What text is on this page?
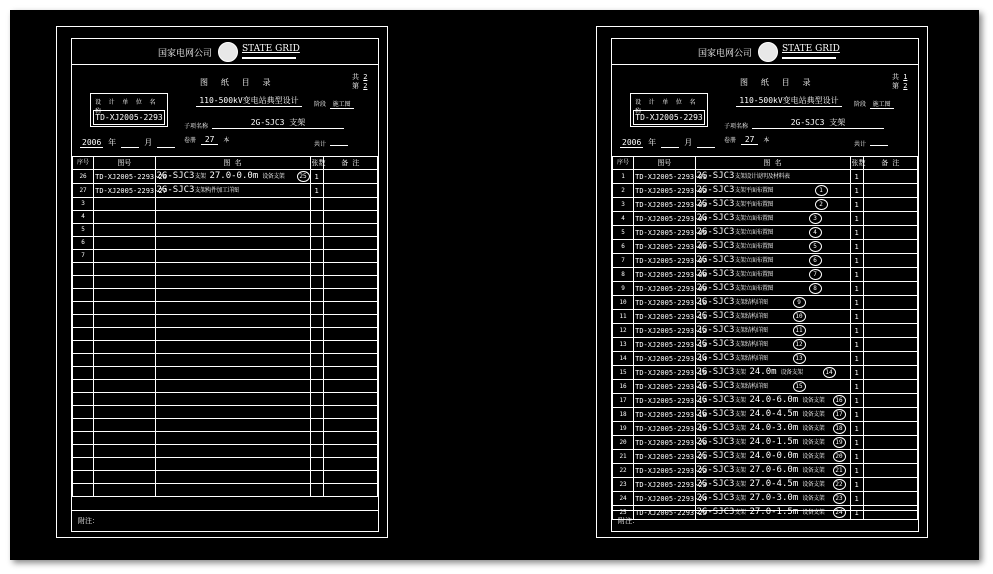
国家电网公司	STATE GRID
图 纸 目 录
共 2
第 2
110-500kV变电站典型设计	阶段 施工图
设 计 单 位 名 称
TD-XJ2005-2293
子项名称	2G-SJC3 支架
2006 年	月	卷册 27 本
共计
序号	图号	图 名	张数	备 注
26	TD-XJ2005-2293-26	2G-SJC3支架 27.0-0.0m 设备支架 25	1	
27	TD-XJ2005-2293-27	2G-SJC3支架构件加工详图	1	
3		

4		

5		

6		

7		

附注：
国家电网公司	STATE GRID
图 纸 目 录
共 1
第 2
110-500kV变电站典型设计	阶段 施工图
设 计 单 位 名 称
TD-XJ2005-2293
子项名称	2G-SJC3 支架
2006 年	月	卷册 27 本
共计
序号	图号	图 名	张数	备 注
1	TD-XJ2005-2293-01	2G-SJC3支架设计说明及材料表	1	
2	TD-XJ2005-2293-02	2G-SJC3支架平面布置图 1	1	
3	TD-XJ2005-2293-03	2G-SJC3支架平面布置图 2	1	
4	TD-XJ2005-2293-04	2G-SJC3支架立面布置图 3	1	
5	TD-XJ2005-2293-05	2G-SJC3支架立面布置图 4	1	
6	TD-XJ2005-2293-06	2G-SJC3支架立面布置图 5	1	
7	TD-XJ2005-2293-07	2G-SJC3支架立面布置图 6	1	
8	TD-XJ2005-2293-08	2G-SJC3支架立面布置图 7	1	
9	TD-XJ2005-2293-09	2G-SJC3支架立面布置图 8	1	
10	TD-XJ2005-2293-10	2G-SJC3支架结构详图 9	1	
11	TD-XJ2005-2293-11	2G-SJC3支架结构详图 10	1	
12	TD-XJ2005-2293-12	2G-SJC3支架结构详图 11	1	
13	TD-XJ2005-2293-13	2G-SJC3支架结构详图 12	1	
14	TD-XJ2005-2293-14	2G-SJC3支架结构详图 13	1	
15	TD-XJ2005-2293-15	2G-SJC3支架 24.0m 设备支架 14	1	
16	TD-XJ2005-2293-16	2G-SJC3支架结构详图 15	1	
17	TD-XJ2005-2293-17	2G-SJC3支架 24.0-6.0m 设备支架 16	1	
18	TD-XJ2005-2293-18	2G-SJC3支架 24.0-4.5m 设备支架 17	1	
19	TD-XJ2005-2293-19	2G-SJC3支架 24.0-3.0m 设备支架 18	1	
20	TD-XJ2005-2293-20	2G-SJC3支架 24.0-1.5m 设备支架 19	1	
21	TD-XJ2005-2293-21	2G-SJC3支架 24.0-0.0m 设备支架 20	1	
22	TD-XJ2005-2293-22	2G-SJC3支架 27.0-6.0m 设备支架 21	1	
23	TD-XJ2005-2293-23	2G-SJC3支架 27.0-4.5m 设备支架 22	1	
24	TD-XJ2005-2293-24	2G-SJC3支架 27.0-3.0m 设备支架 23	1	
25	TD-XJ2005-2293-25	2G-SJC3支架 27.0-1.5m 设备支架 24	1	
附注：
